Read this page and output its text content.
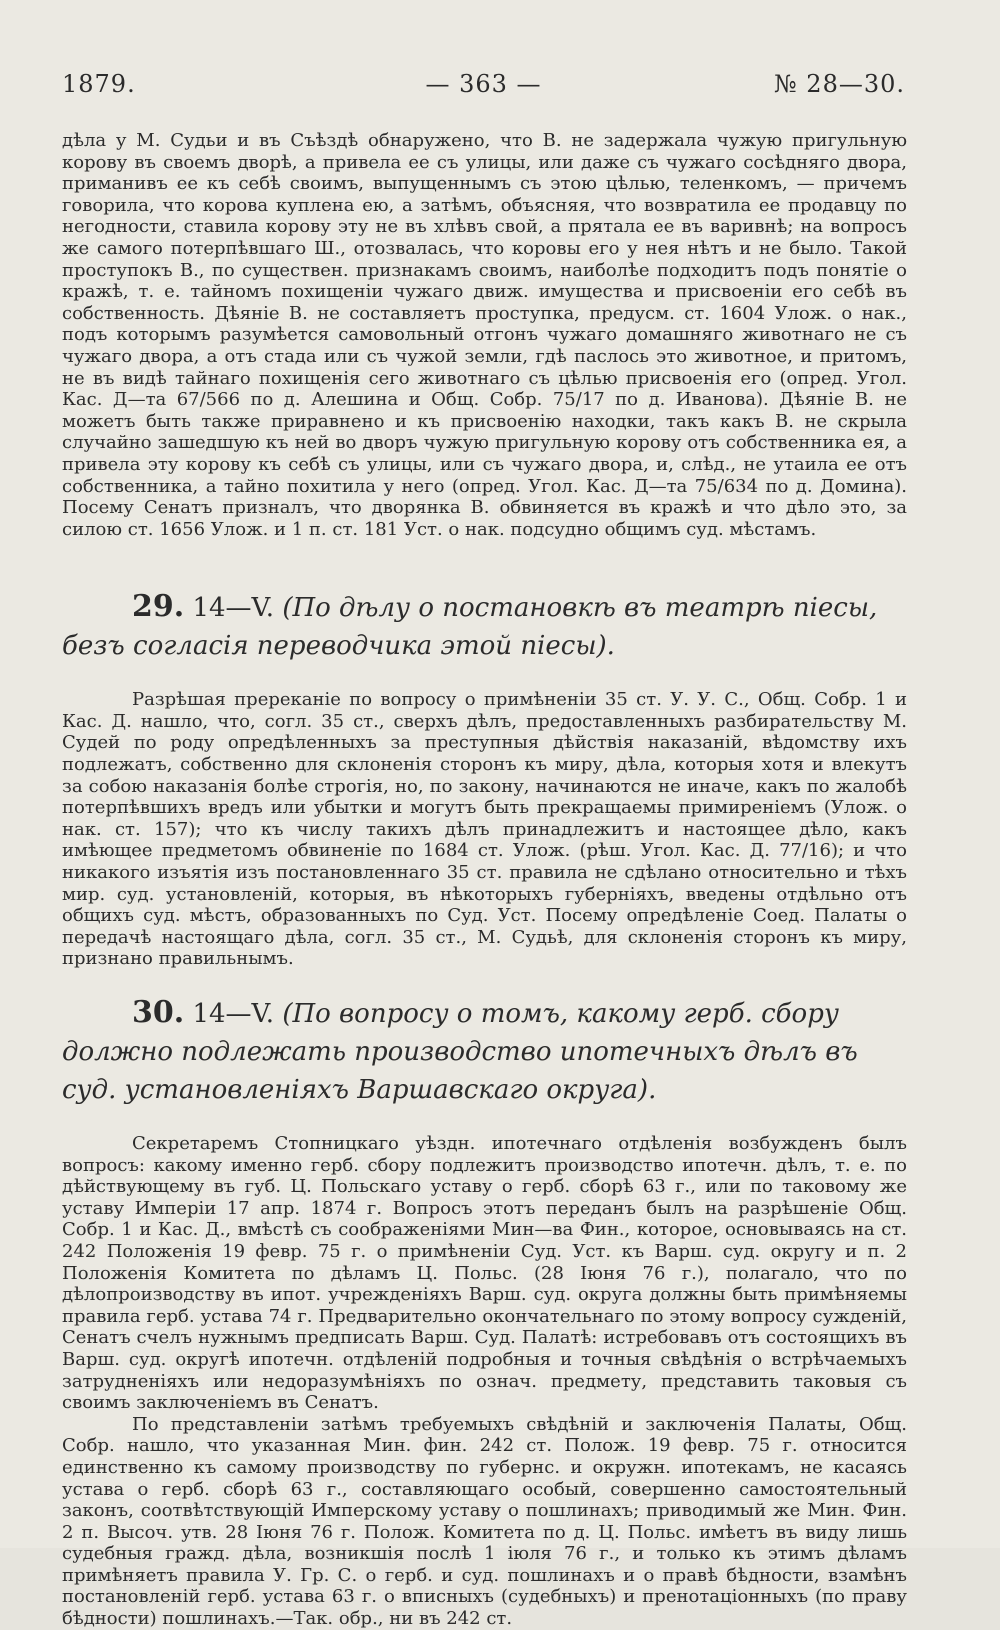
1879.	— 363 —	№ 28—30.

дѣла у М. Судьи и въ Съѣздѣ обнаружено, что В. не задержала чужую пригульную корову въ своемъ дворѣ, а привела ее съ улицы, или даже съ чужаго сосѣдняго двора, приманивъ ее къ себѣ своимъ, выпущеннымъ съ этою цѣлью, теленкомъ, — причемъ говорила, что корова куплена ею, а затѣмъ, объясняя, что возвратила ее продавцу по негодности, ставила корову эту не въ хлѣвъ свой, а прятала ее въ варивнѣ; на вопросъ же самого потерпѣвшаго Ш., отозвалась, что коровы его у нея нѣтъ и не было. Такой проступокъ В., по существен. признакамъ своимъ, наиболѣе подходитъ подъ понятіе о кражѣ, т. е. тайномъ похищеніи чужаго движ. имущества и присвоеніи его себѣ въ собственность. Дѣяніе В. не составляетъ проступка, предусм. ст. 1604 Улож. о нак., подъ которымъ разумѣется самовольный отгонъ чужаго домашняго животнаго не съ чужаго двора, а отъ стада или съ чужой земли, гдѣ паслось это животное, и притомъ, не въ видѣ тайнаго похищенія сего животнаго съ цѣлью присвоенія его (опред. Угол. Кас. Д—та 67/566 по д. Алешина и Общ. Собр. 75/17 по д. Иванова). Дѣяніе В. не можетъ быть также приравнено и къ присвоенію находки, такъ какъ В. не скрыла случайно зашедшую къ ней во дворъ чужую пригульную корову отъ собственника ея, а привела эту корову къ себѣ съ улицы, или съ чужаго двора, и, слѣд., не утаила ее отъ собственника, а тайно похитила у него (опред. Угол. Кас. Д—та 75/634 по д. Домина). Посему Сенатъ призналъ, что дворянка В. обвиняется въ кражѣ и что дѣло это, за силою ст. 1656 Улож. и 1 п. ст. 181 Уст. о нак. подсудно общимъ суд. мѣстамъ.

29. 14—V. (По дѣлу о постановкѣ въ театрѣ піесы, безъ согласія переводчика этой піесы).

Разрѣшая пререканіе по вопросу о примѣненіи 35 ст. У. У. С., Общ. Собр. 1 и Кас. Д. нашло, что, согл. 35 ст., сверхъ дѣлъ, предоставленныхъ разбирательству М. Судей по роду опредѣленныхъ за преступныя дѣйствія наказаній, вѣдомству ихъ подлежатъ, собственно для склоненія сторонъ къ миру, дѣла, которыя хотя и влекутъ за собою наказанія болѣе строгія, но, по закону, начинаются не иначе, какъ по жалобѣ потерпѣвшихъ вредъ или убытки и могутъ быть прекращаемы примиреніемъ (Улож. о нак. ст. 157); что къ числу такихъ дѣлъ принадлежитъ и настоящее дѣло, какъ имѣющее предметомъ обвиненіе по 1684 ст. Улож. (рѣш. Угол. Кас. Д. 77/16); и что никакого изъятія изъ постановленнаго 35 ст. правила не сдѣлано относительно и тѣхъ мир. суд. установленій, которыя, въ нѣкоторыхъ губерніяхъ, введены отдѣльно отъ общихъ суд. мѣстъ, образованныхъ по Суд. Уст. Посему опредѣленіе Соед. Палаты о передачѣ настоящаго дѣла, согл. 35 ст., М. Судьѣ, для склоненія сторонъ къ миру, признано правильнымъ.

30. 14—V. (По вопросу о томъ, какому герб. сбору должно подлежать производство ипотечныхъ дѣлъ въ суд. установленіяхъ Варшавскаго округа).

Секретаремъ Стопницкаго уѣздн. ипотечнаго отдѣленія возбужденъ былъ вопросъ: какому именно герб. сбору подлежитъ производство ипотечн. дѣлъ, т. е. по дѣйствующему въ губ. Ц. Польскаго уставу о герб. сборѣ 63 г., или по таковому же уставу Имперіи 17 апр. 1874 г. Вопросъ этотъ переданъ былъ на разрѣшеніе Общ. Собр. 1 и Кас. Д., вмѣстѣ съ соображеніями Мин—ва Фин., которое, основываясь на ст. 242 Положенія 19 февр. 75 г. о примѣненіи Суд. Уст. къ Варш. суд. округу и п. 2 Положенія Комитета по дѣламъ Ц. Польс. (28 Іюня 76 г.), полагало, что по дѣлопроизводству въ ипот. учрежденіяхъ Варш. суд. округа должны быть примѣняемы правила герб. устава 74 г. Предварительно окончательнаго по этому вопросу сужденій, Сенатъ счелъ нужнымъ предписать Варш. Суд. Палатѣ: истребовавъ отъ состоящихъ въ Варш. суд. округѣ ипотечн. отдѣленій подробныя и точныя свѣдѣнія о встрѣчаемыхъ затрудненіяхъ или недоразумѣніяхъ по означ. предмету, представить таковыя съ своимъ заключеніемъ въ Сенатъ.

По представленіи затѣмъ требуемыхъ свѣдѣній и заключенія Палаты, Общ. Собр. нашло, что указанная Мин. фин. 242 ст. Полож. 19 февр. 75 г. относится единственно къ самому производству по губернс. и окружн. ипотекамъ, не касаясь устава о герб. сборѣ 63 г., составляющаго особый, совершенно самостоятельный законъ, соотвѣтствующій Имперскому уставу о пошлинахъ; приводимый же Мин. Фин. 2 п. Высоч. утв. 28 Іюня 76 г. Полож. Комитета по д. Ц. Польс. имѣетъ въ виду лишь судебныя гражд. дѣла, возникшія послѣ 1 іюля 76 г., и только къ этимъ дѣламъ примѣняетъ правила У. Гр. С. о герб. и суд. пошлинахъ и о правѣ бѣдности, взамѣнъ постановленій герб. устава 63 г. о вписныхъ (судебныхъ) и пренотаціонныхъ (по праву бѣдности) пошлинахъ.—Так. обр., ни въ 242 ст.
